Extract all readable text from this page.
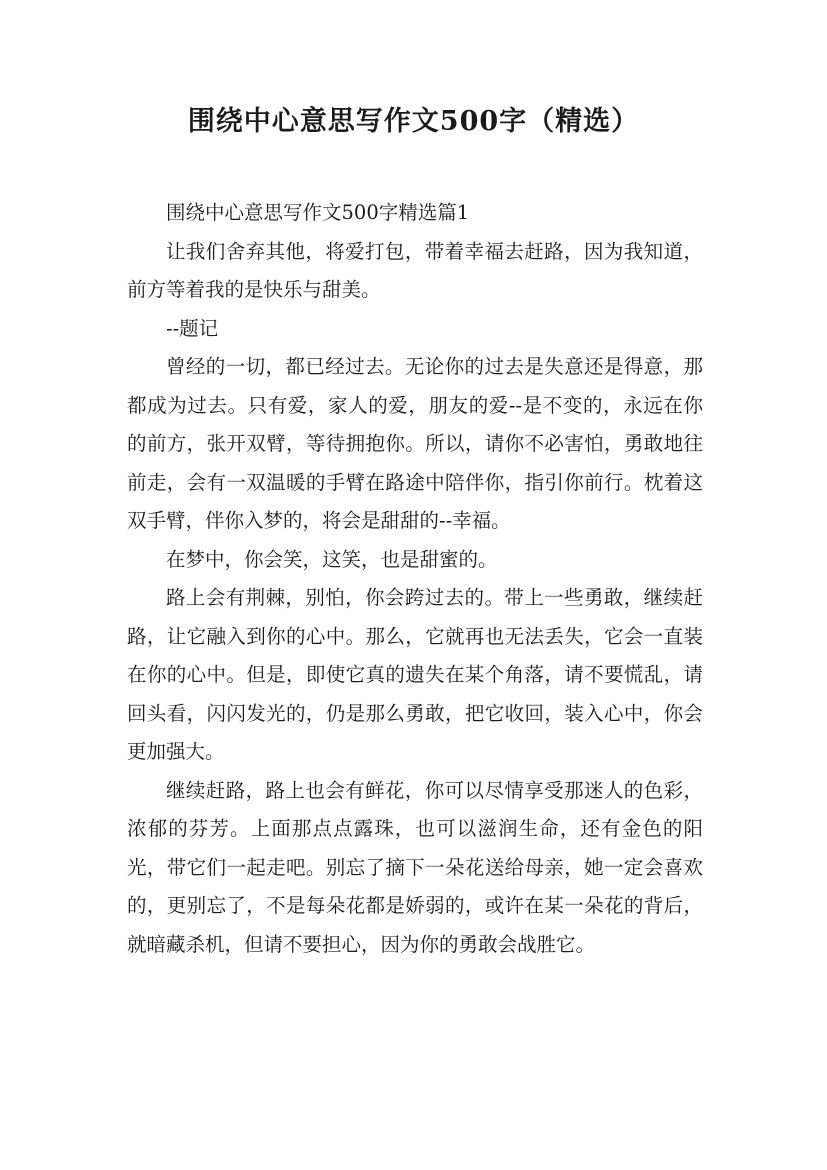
围绕中心意思写作文500字（精选）

围绕中心意思写作文500字精选篇1

让我们舍弃其他，将爱打包，带着幸福去赶路，因为我知道，前方等着我的是快乐与甜美。

--题记

曾经的一切，都已经过去。无论你的过去是失意还是得意，那都成为过去。只有爱，家人的爱，朋友的爱--是不变的，永远在你的前方，张开双臂，等待拥抱你。所以，请你不必害怕，勇敢地往前走，会有一双温暖的手臂在路途中陪伴你，指引你前行。枕着这双手臂，伴你入梦的，将会是甜甜的--幸福。

在梦中，你会笑，这笑，也是甜蜜的。

路上会有荆棘，别怕，你会跨过去的。带上一些勇敢，继续赶路，让它融入到你的心中。那么，它就再也无法丢失，它会一直装在你的心中。但是，即使它真的遗失在某个角落，请不要慌乱，请回头看，闪闪发光的，仍是那么勇敢，把它收回，装入心中，你会更加强大。

继续赶路，路上也会有鲜花，你可以尽情享受那迷人的色彩，浓郁的芬芳。上面那点点露珠，也可以滋润生命，还有金色的阳光，带它们一起走吧。别忘了摘下一朵花送给母亲，她一定会喜欢的，更别忘了，不是每朵花都是娇弱的，或许在某一朵花的背后，就暗藏杀机，但请不要担心，因为你的勇敢会战胜它。
